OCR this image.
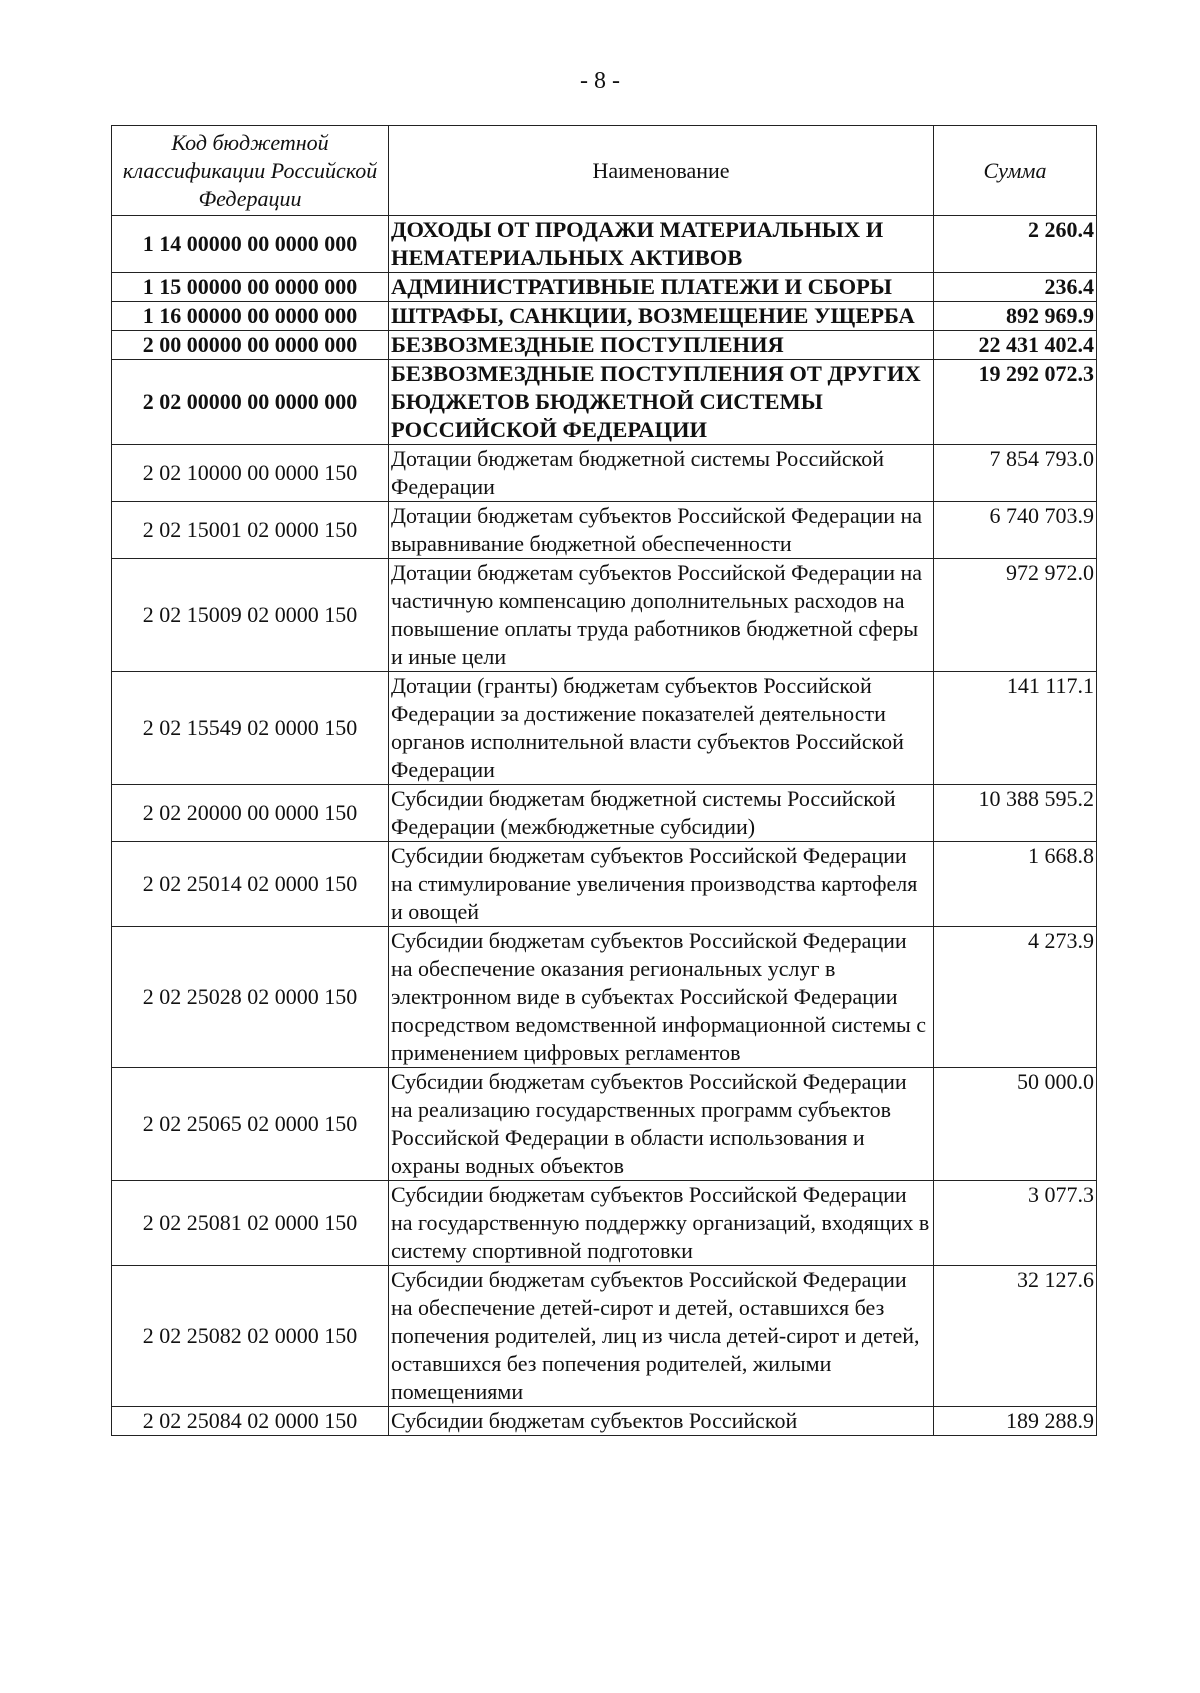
- 8 -
Код бюджетной классификации Российской Федерации	Наименование	Сумма
1 14 00000 00 0000 000	ДОХОДЫ ОТ ПРОДАЖИ МАТЕРИАЛЬНЫХ И НЕМАТЕРИАЛЬНЫХ АКТИВОВ	2 260.4
1 15 00000 00 0000 000	АДМИНИСТРАТИВНЫЕ ПЛАТЕЖИ И СБОРЫ	236.4
1 16 00000 00 0000 000	ШТРАФЫ, САНКЦИИ, ВОЗМЕЩЕНИЕ УЩЕРБА	892 969.9
2 00 00000 00 0000 000	БЕЗВОЗМЕЗДНЫЕ ПОСТУПЛЕНИЯ	22 431 402.4
2 02 00000 00 0000 000	БЕЗВОЗМЕЗДНЫЕ ПОСТУПЛЕНИЯ ОТ ДРУГИХ БЮДЖЕТОВ БЮДЖЕТНОЙ СИСТЕМЫ РОССИЙСКОЙ ФЕДЕРАЦИИ	19 292 072.3
2 02 10000 00 0000 150	Дотации бюджетам бюджетной системы Российской Федерации	7 854 793.0
2 02 15001 02 0000 150	Дотации бюджетам субъектов Российской Федерации на выравнивание бюджетной обеспеченности	6 740 703.9
2 02 15009 02 0000 150	Дотации бюджетам субъектов Российской Федерации на частичную компенсацию дополнительных расходов на повышение оплаты труда работников бюджетной сферы и иные цели	972 972.0
2 02 15549 02 0000 150	Дотации (гранты) бюджетам субъектов Российской Федерации за достижение показателей деятельности органов исполнительной власти субъектов Российской Федерации	141 117.1
2 02 20000 00 0000 150	Субсидии бюджетам бюджетной системы Российской Федерации (межбюджетные субсидии)	10 388 595.2
2 02 25014 02 0000 150	Субсидии бюджетам субъектов Российской Федерации на стимулирование увеличения производства картофеля и овощей	1 668.8
2 02 25028 02 0000 150	Субсидии бюджетам субъектов Российской Федерации на обеспечение оказания региональных услуг в электронном виде в субъектах Российской Федерации посредством ведомственной информационной системы с применением цифровых регламентов	4 273.9
2 02 25065 02 0000 150	Субсидии бюджетам субъектов Российской Федерации на реализацию государственных программ субъектов Российской Федерации в области использования и охраны водных объектов	50 000.0
2 02 25081 02 0000 150	Субсидии бюджетам субъектов Российской Федерации на государственную поддержку организаций, входящих в систему спортивной подготовки	3 077.3
2 02 25082 02 0000 150	Субсидии бюджетам субъектов Российской Федерации на обеспечение детей-сирот и детей, оставшихся без попечения родителей, лиц из числа детей-сирот и детей, оставшихся без попечения родителей, жилыми помещениями	32 127.6
2 02 25084 02 0000 150	Субсидии бюджетам субъектов Российской	189 288.9
